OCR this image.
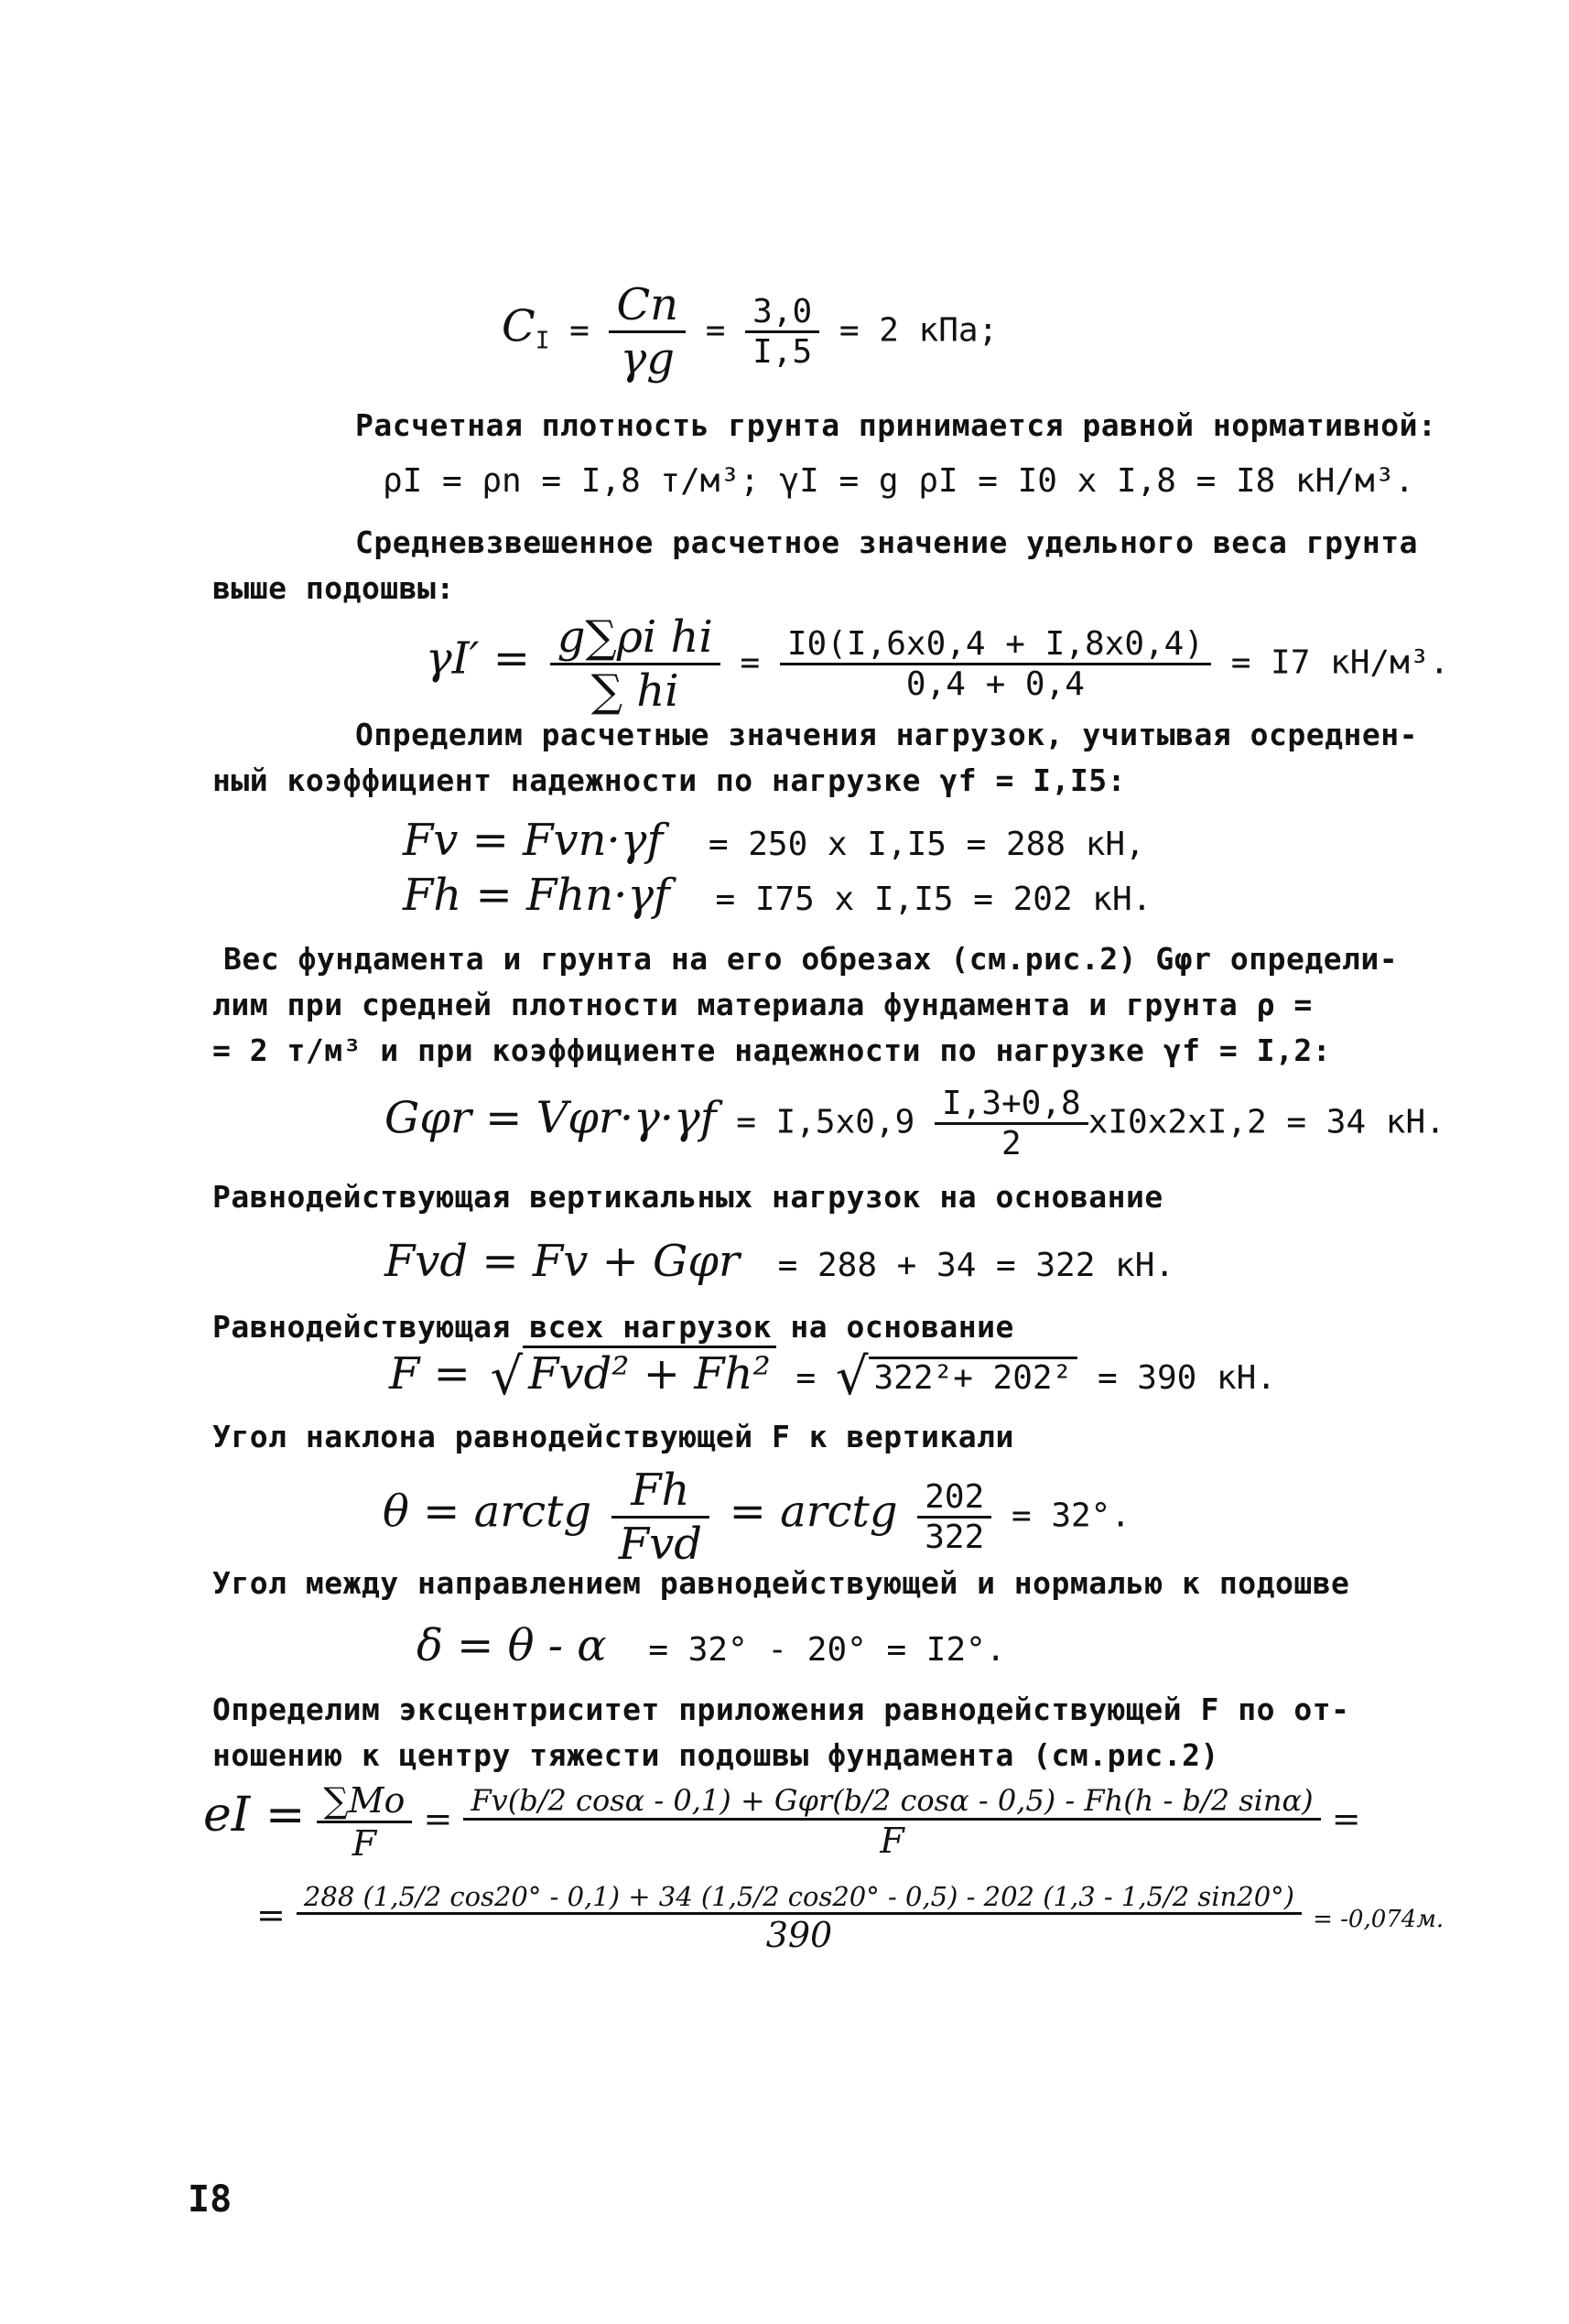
$C_I = \frac{Cn}{\gamma g} = \frac{3,0}{I,5} = 2$ кПа;
Расчетная плотность грунта принимается равной нормативной:
ρI = ρn = I,8 т/м³; γI = g ρI = I0 x I,8 = I8 кН/м³.
Средневзвешенное расчетное значение удельного веса грунта
выше подошвы:
$\gamma I' = \frac{\text{g∑ρi hi}}{\sum hi} = \frac{I0(I,6x0,4 + I,8x0,4)}{0,4 + 0,4} = I7$ кН/м³.
Определим расчетные значения нагрузок, учитывая осреднен-
ный коэффициент надежности по нагрузке γf = I,I5:
Fv = Fvn·γf = 250 x I,I5 = 288 кН,
Fh = Fhn·γf = I75 x I,I5 = 202 кН.
Вес фундамента и грунта на его обрезах (см.рис.2) Gφr определи-
лим при средней плотности материала фундамента и грунта ρ =
= 2 т/м³ и при коэффициенте надежности по нагрузке γf = I,2:
$G\varphi r = V\varphi r\cdot\gamma\cdot\gamma f = I,5x0,9 \frac{I,3+0,8}{2} xI0x2xI,2 = 34$ кН.
Равнодействующая вертикальных нагрузок на основание
Fvd = Fv + Gφr = 288 + 34 = 322 кН.
Равнодействующая всех нагрузок на основание
F = √ Fvd² + Fh² = √ 322²+ 202² = 390 кН.
Угол наклона равнодействующей F к вертикали
θ = arctg $\frac{Fh}{\text{Fvd}}$ = arctg $\frac{202}{322} = 32^\circ$.
Угол между направлением равнодействующей и нормалью к подошве
δ = θ - α = 32° - 20° = I2°.
Определим эксцентриситет приложения равнодействующей F по от-
ношению к центру тяжести подошвы фундамента (см.рис.2)
eI = $\frac{\sum Mo}{F} = \frac{\text{Fv(b/2 cosα - 0,1) + Gφr(b/2 cosα - 0,5) - Fh(h - b/2 sinα)}}{F}$ =
= 288 (1,5/2 cos20° - 0,1) + 34 (1,5/2 cos20° - 0,5) - 202 (1,3 - 1,5/2 sin20°)
390	= -0,074м.
I8
